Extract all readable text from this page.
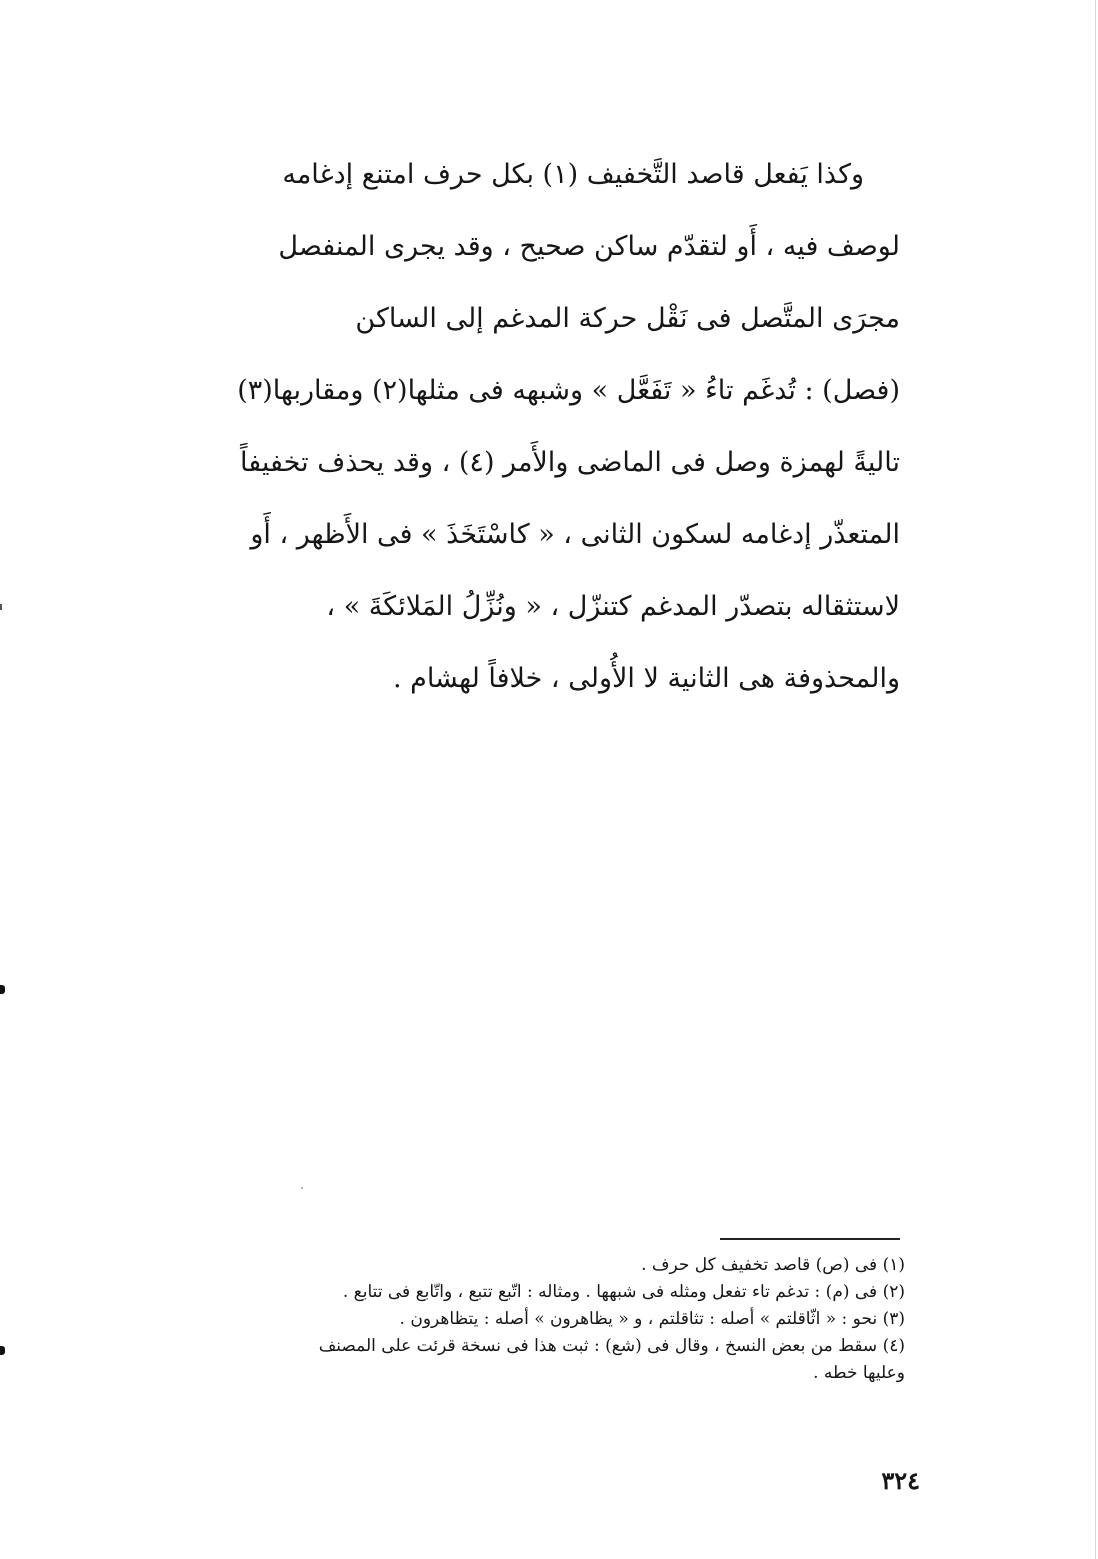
وكذا يَفعل قاصد التَّخفيف (١) بكل حرف امتنع إدغامه
لوصف فيه ، أَو لتقدّم ساكن صحيح ، وقد يجرى المنفصل
مجرَى المتَّصل فى نَقْل حركة المدغم إلى الساكن
(فصل) : تُدغَم تاءُ « تَفَعَّل » وشبهه فى مثلها(٢) ومقاربها(٣)
تاليةً لهمزة وصل فى الماضى والأَمر (٤) ، وقد يحذف تخفيفاً
المتعذّر إدغامه لسكون الثانى ، « كاسْتَخَذَ » فى الأَظهر ، أَو
لاستثقاله بتصدّر المدغم كتنزّل ، « ونُزِّلُ المَلائكَةَ » ،
والمحذوفة هى الثانية لا الأُولى ، خلافاً لهشام .
(١) فى (ص) قاصد تخفيف كل حرف .
(٢) فى (م) : تدغم تاء تفعل ومثله فى شبهها . ومثاله : اتّبع تتبع ، واتّابع فى تتابع .
(٣) نحو : « اثّاقلتم » أصله : تثاقلتم ، و « يظاهرون » أصله : يتظاهرون .
(٤) سقط من بعض النسخ ، وقال فى (شع) : ثبت هذا فى نسخة قرئت على المصنف
وعليها خطه .
٣٢٤
